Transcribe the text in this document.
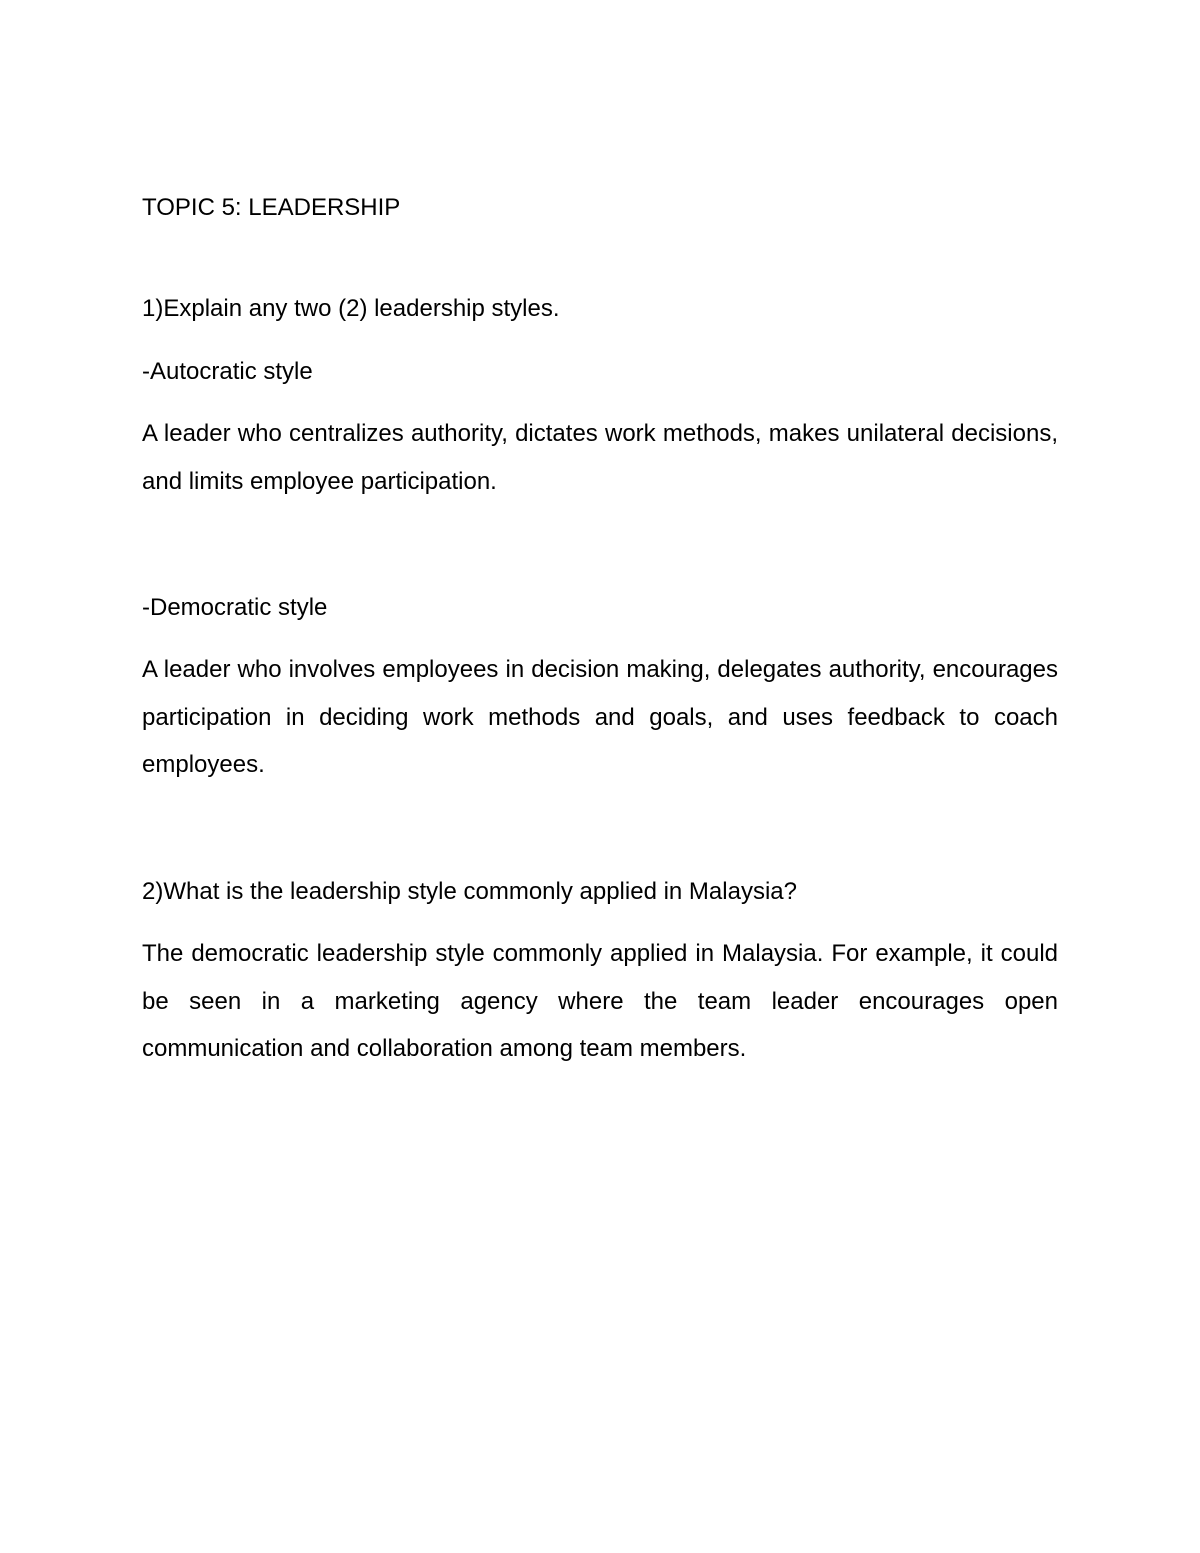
TOPIC 5: LEADERSHIP

1)Explain any two (2) leadership styles.

-Autocratic style

A leader who centralizes authority, dictates work methods, makes unilateral decisions, and limits employee participation.

-Democratic style

A leader who involves employees in decision making, delegates authority, encourages participation in deciding work methods and goals, and uses feedback to coach employees.

2)What is the leadership style commonly applied in Malaysia?

The democratic leadership style commonly applied in Malaysia. For example, it could be seen in a marketing agency where the team leader encourages open communication and collaboration among team members.
